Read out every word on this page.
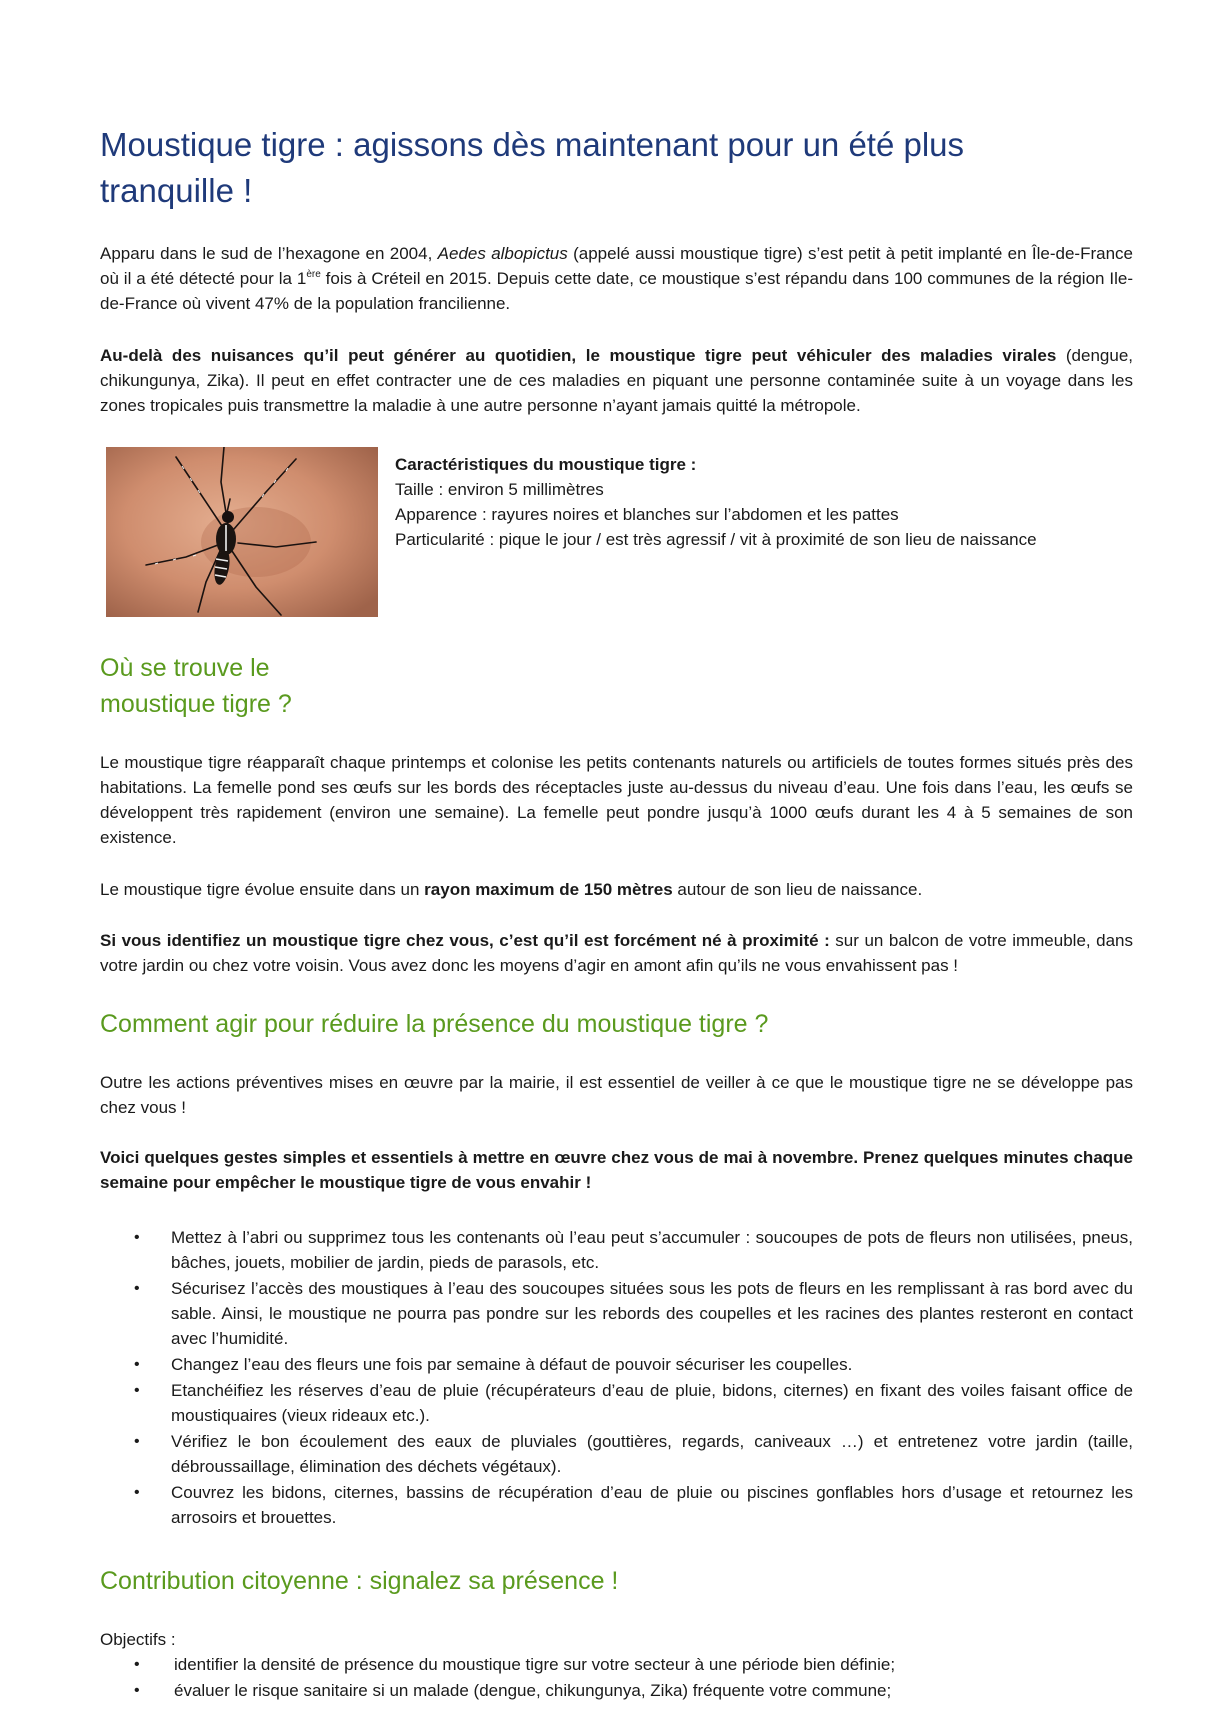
Moustique tigre : agissons dès maintenant pour un été plus tranquille !

Apparu dans le sud de l’hexagone en 2004, Aedes albopictus (appelé aussi moustique tigre) s’est petit à petit implanté en Île-de-France où il a été détecté pour la 1ère fois à Créteil en 2015. Depuis cette date, ce moustique s’est répandu dans 100 communes de la région Ile-de-France où vivent 47% de la population francilienne.

Au-delà des nuisances qu’il peut générer au quotidien, le moustique tigre peut véhiculer des maladies virales (dengue, chikungunya, Zika). Il peut en effet contracter une de ces maladies en piquant une personne contaminée suite à un voyage dans les zones tropicales puis transmettre la maladie à une autre personne n’ayant jamais quitté la métropole.

Caractéristiques du moustique tigre :
Taille : environ 5 millimètres
Apparence : rayures noires et blanches sur l’abdomen et les pattes
Particularité : pique le jour / est très agressif / vit à proximité de son lieu de naissance
Où se trouve le
moustique tigre ?

Le moustique tigre réapparaît chaque printemps et colonise les petits contenants naturels ou artificiels de toutes formes situés près des habitations. La femelle pond ses œufs sur les bords des réceptacles juste au-dessus du niveau d’eau. Une fois dans l’eau, les œufs se développent très rapidement (environ une semaine). La femelle peut pondre jusqu’à 1000 œufs durant les 4 à 5 semaines de son existence.

Le moustique tigre évolue ensuite dans un rayon maximum de 150 mètres autour de son lieu de naissance.

Si vous identifiez un moustique tigre chez vous, c’est qu’il est forcément né à proximité : sur un balcon de votre immeuble, dans votre jardin ou chez votre voisin. Vous avez donc les moyens d’agir en amont afin qu’ils ne vous envahissent pas !

Comment agir pour réduire la présence du moustique tigre ?

Outre les actions préventives mises en œuvre par la mairie, il est essentiel de veiller à ce que le moustique tigre ne se développe pas chez vous !

Voici quelques gestes simples et essentiels à mettre en œuvre chez vous de mai à novembre. Prenez quelques minutes chaque semaine pour empêcher le moustique tigre de vous envahir !

• Mettez à l’abri ou supprimez tous les contenants où l’eau peut s’accumuler : soucoupes de pots de fleurs non utilisées, pneus, bâches, jouets, mobilier de jardin, pieds de parasols, etc.
• Sécurisez l’accès des moustiques à l’eau des soucoupes situées sous les pots de fleurs en les remplissant à ras bord avec du sable. Ainsi, le moustique ne pourra pas pondre sur les rebords des coupelles et les racines des plantes resteront en contact avec l’humidité.
• Changez l’eau des fleurs une fois par semaine à défaut de pouvoir sécuriser les coupelles.
• Etanchéifiez les réserves d’eau de pluie (récupérateurs d’eau de pluie, bidons, citernes) en fixant des voiles faisant office de moustiquaires (vieux rideaux etc.).
• Vérifiez le bon écoulement des eaux de pluviales (gouttières, regards, caniveaux …) et entretenez votre jardin (taille, débroussaillage, élimination des déchets végétaux).
• Couvrez les bidons, citernes, bassins de récupération d’eau de pluie ou piscines gonflables hors d’usage et retournez les arrosoirs et brouettes.
Contribution citoyenne : signalez sa présence !

Objectifs :

• identifier la densité de présence du moustique tigre sur votre secteur à une période bien définie;
• évaluer le risque sanitaire si un malade (dengue, chikungunya, Zika) fréquente votre commune;
